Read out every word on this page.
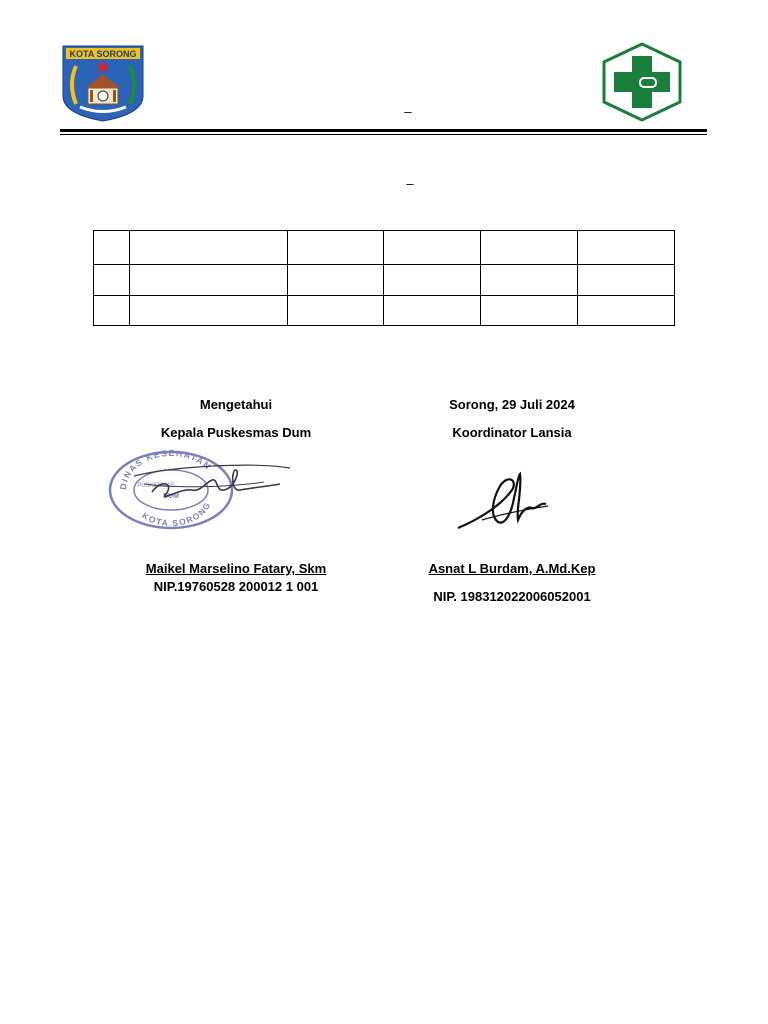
KOTA SORONG
–
–

Mengetahui
Kepala Puskesmas Dum
DINAS KESEHATAN
KOTA SORONG
PUSKESMAS
DUM
Maikel Marselino Fatary, Skm
NIP.19760528 200012 1 001
Sorong, 29 Juli 2024
Koordinator Lansia
Asnat L Burdam, A.Md.Kep
NIP. 198312022006052001
